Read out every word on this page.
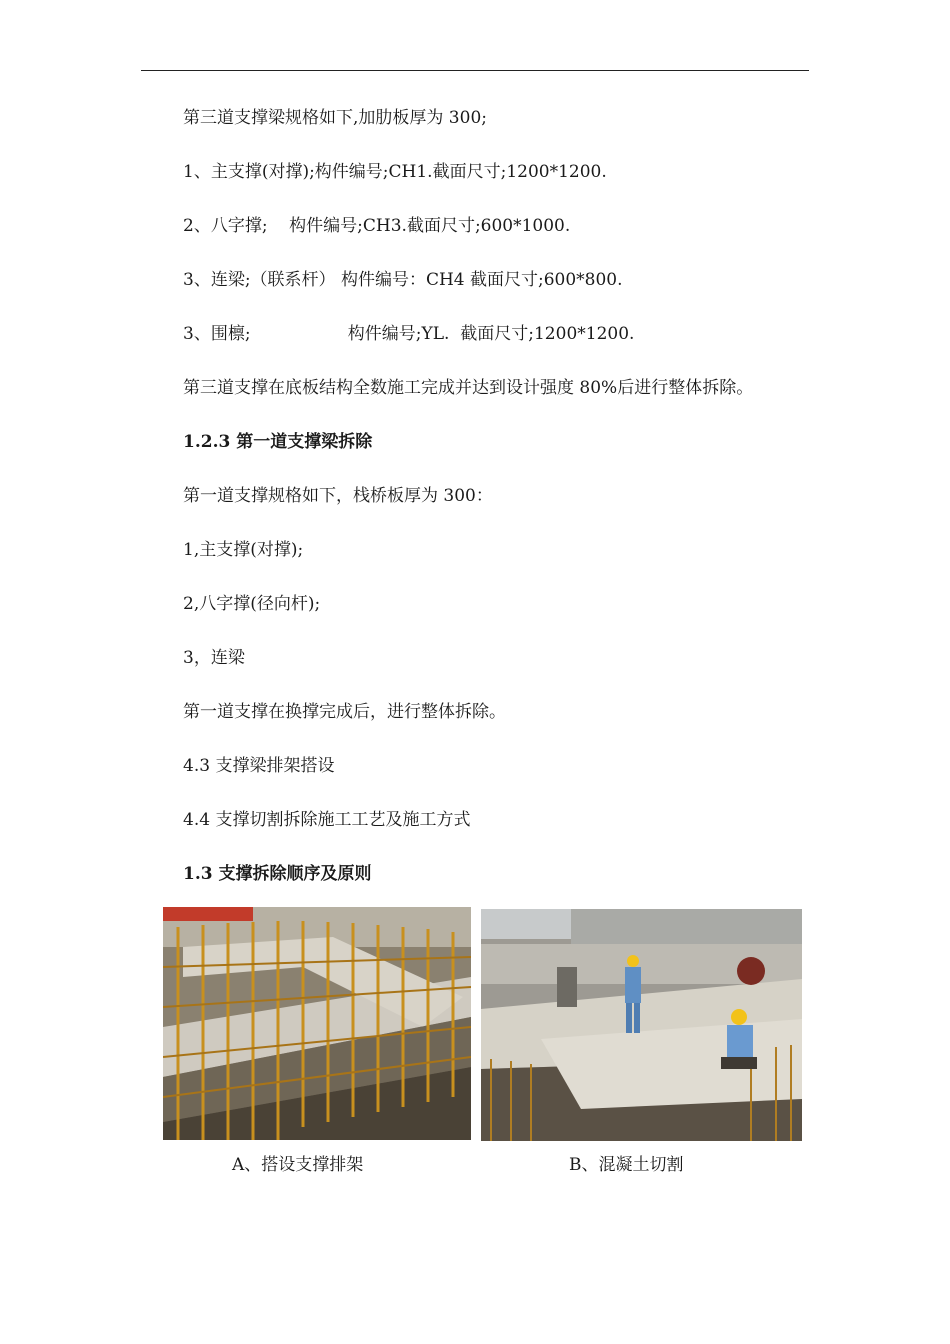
第三道支撑梁规格如下,加肋板厚为 300;
1、主支撑(对撑);构件编号;CH1.截面尺寸;1200*1200.
2、八字撑;    构件编号;CH3.截面尺寸;600*1000.
3、连梁;（联系杆） 构件编号：CH4 截面尺寸;600*800.
3、围檩;                  构件编号;YL.  截面尺寸;1200*1200.
第三道支撑在底板结构全数施工完成并达到设计强度 80%后进行整体拆除。
1.2.3 第一道支撑梁拆除
第一道支撑规格如下，栈桥板厚为 300：
1,主支撑(对撑);
2,八字撑(径向杆);
3，连梁
第一道支撑在换撑完成后，进行整体拆除。
4.3 支撑梁排架搭设
4.4 支撑切割拆除施工工艺及施工方式
1.3 支撑拆除顺序及原则
A、搭设支撑排架	B、混凝土切割
